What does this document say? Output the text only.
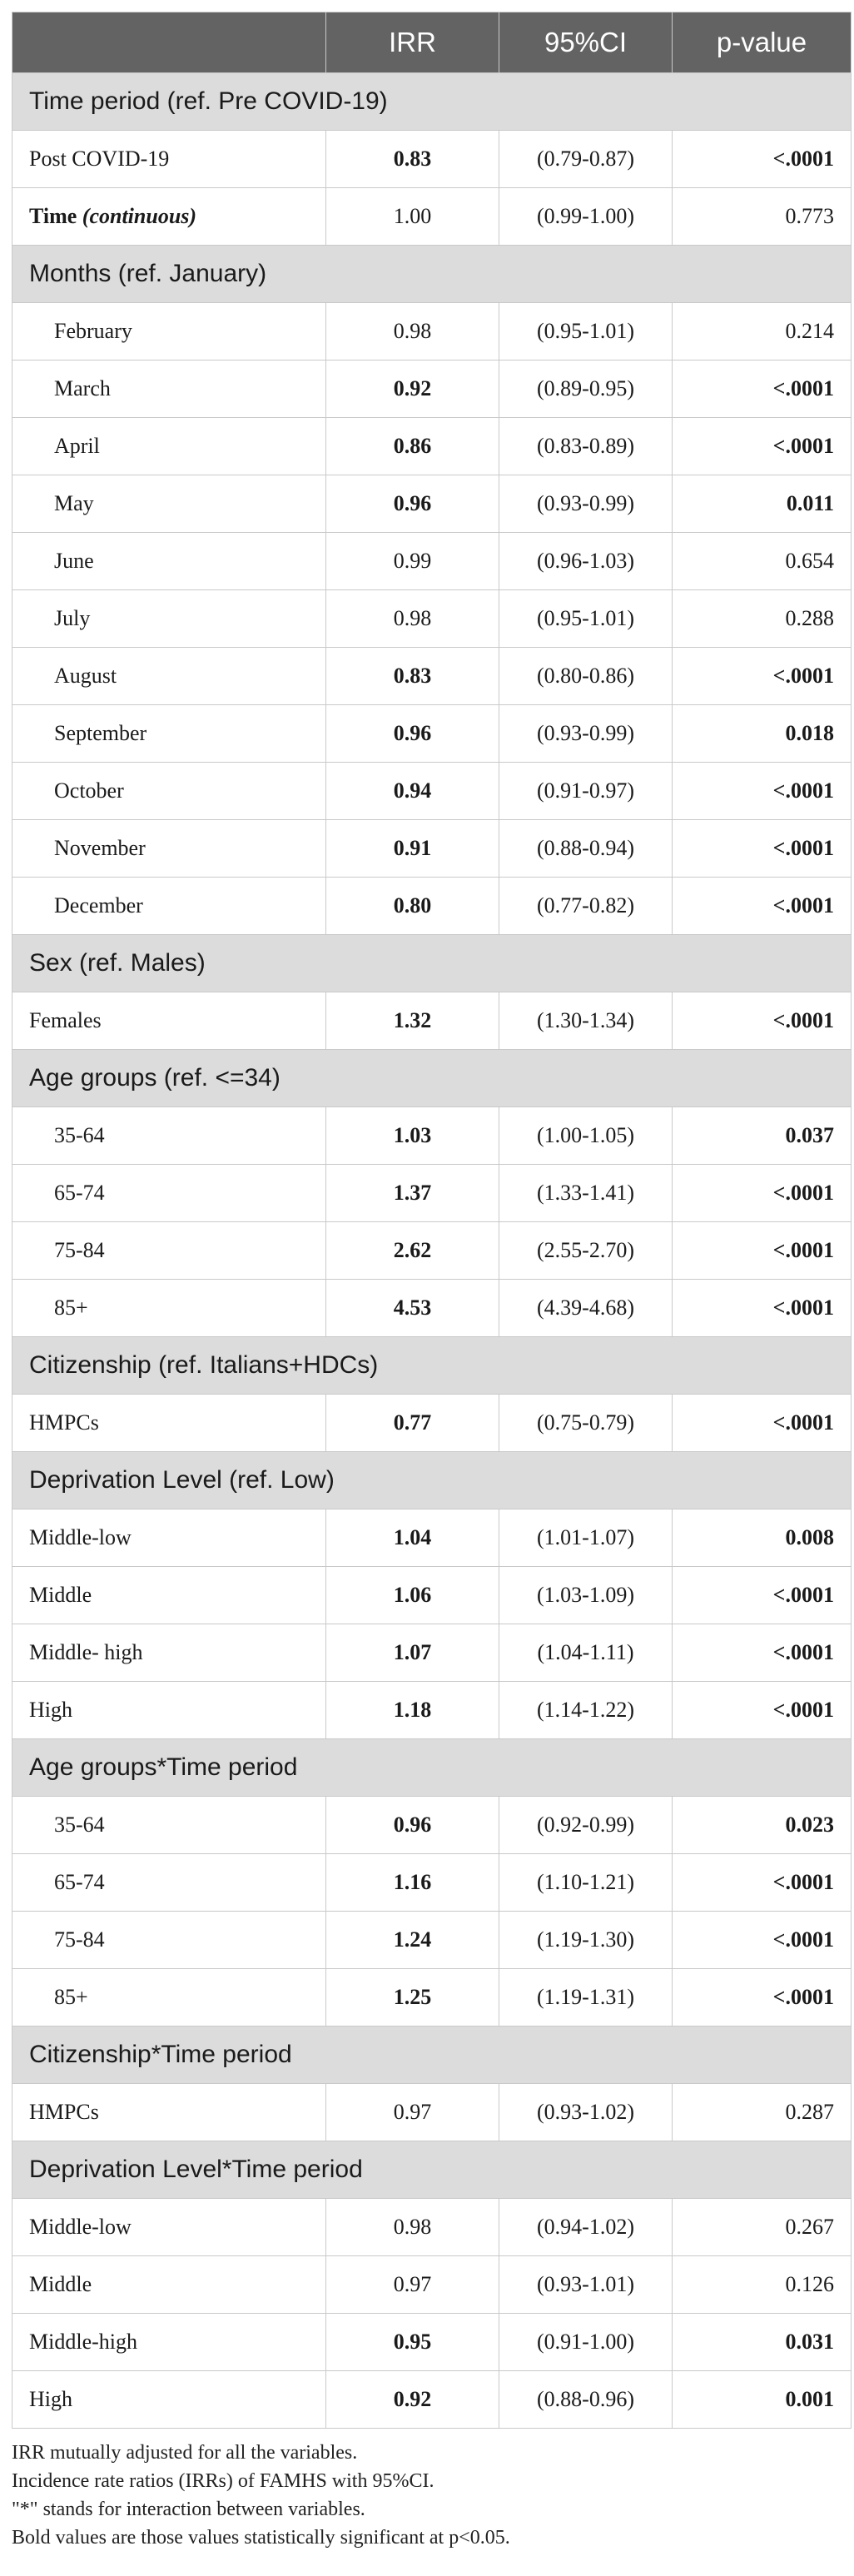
	IRR	95%CI	p-value
Time period (ref. Pre COVID-19)			
Post COVID-19	0.83	(0.79-0.87)	<.0001
Time (continuous)	1.00	(0.99-1.00)	0.773
Months (ref. January)			
February	0.98	(0.95-1.01)	0.214
March	0.92	(0.89-0.95)	<.0001
April	0.86	(0.83-0.89)	<.0001
May	0.96	(0.93-0.99)	0.011
June	0.99	(0.96-1.03)	0.654
July	0.98	(0.95-1.01)	0.288
August	0.83	(0.80-0.86)	<.0001
September	0.96	(0.93-0.99)	0.018
October	0.94	(0.91-0.97)	<.0001
November	0.91	(0.88-0.94)	<.0001
December	0.80	(0.77-0.82)	<.0001
Sex (ref. Males)			
Females	1.32	(1.30-1.34)	<.0001
Age groups (ref. <=34)			
35-64	1.03	(1.00-1.05)	0.037
65-74	1.37	(1.33-1.41)	<.0001
75-84	2.62	(2.55-2.70)	<.0001
85+	4.53	(4.39-4.68)	<.0001
Citizenship (ref. Italians+HDCs)			
HMPCs	0.77	(0.75-0.79)	<.0001
Deprivation Level (ref. Low)			
Middle-low	1.04	(1.01-1.07)	0.008
Middle	1.06	(1.03-1.09)	<.0001
Middle- high	1.07	(1.04-1.11)	<.0001
High	1.18	(1.14-1.22)	<.0001
Age groups*Time period			
35-64	0.96	(0.92-0.99)	0.023
65-74	1.16	(1.10-1.21)	<.0001
75-84	1.24	(1.19-1.30)	<.0001
85+	1.25	(1.19-1.31)	<.0001
Citizenship*Time period			
HMPCs	0.97	(0.93-1.02)	0.287
Deprivation Level*Time period			
Middle-low	0.98	(0.94-1.02)	0.267
Middle	0.97	(0.93-1.01)	0.126
Middle-high	0.95	(0.91-1.00)	0.031
High	0.92	(0.88-0.96)	0.001
IRR mutually adjusted for all the variables.
Incidence rate ratios (IRRs) of FAMHS with 95%CI.
"*" stands for interaction between variables.
Bold values are those values statistically significant at p<0.05.
